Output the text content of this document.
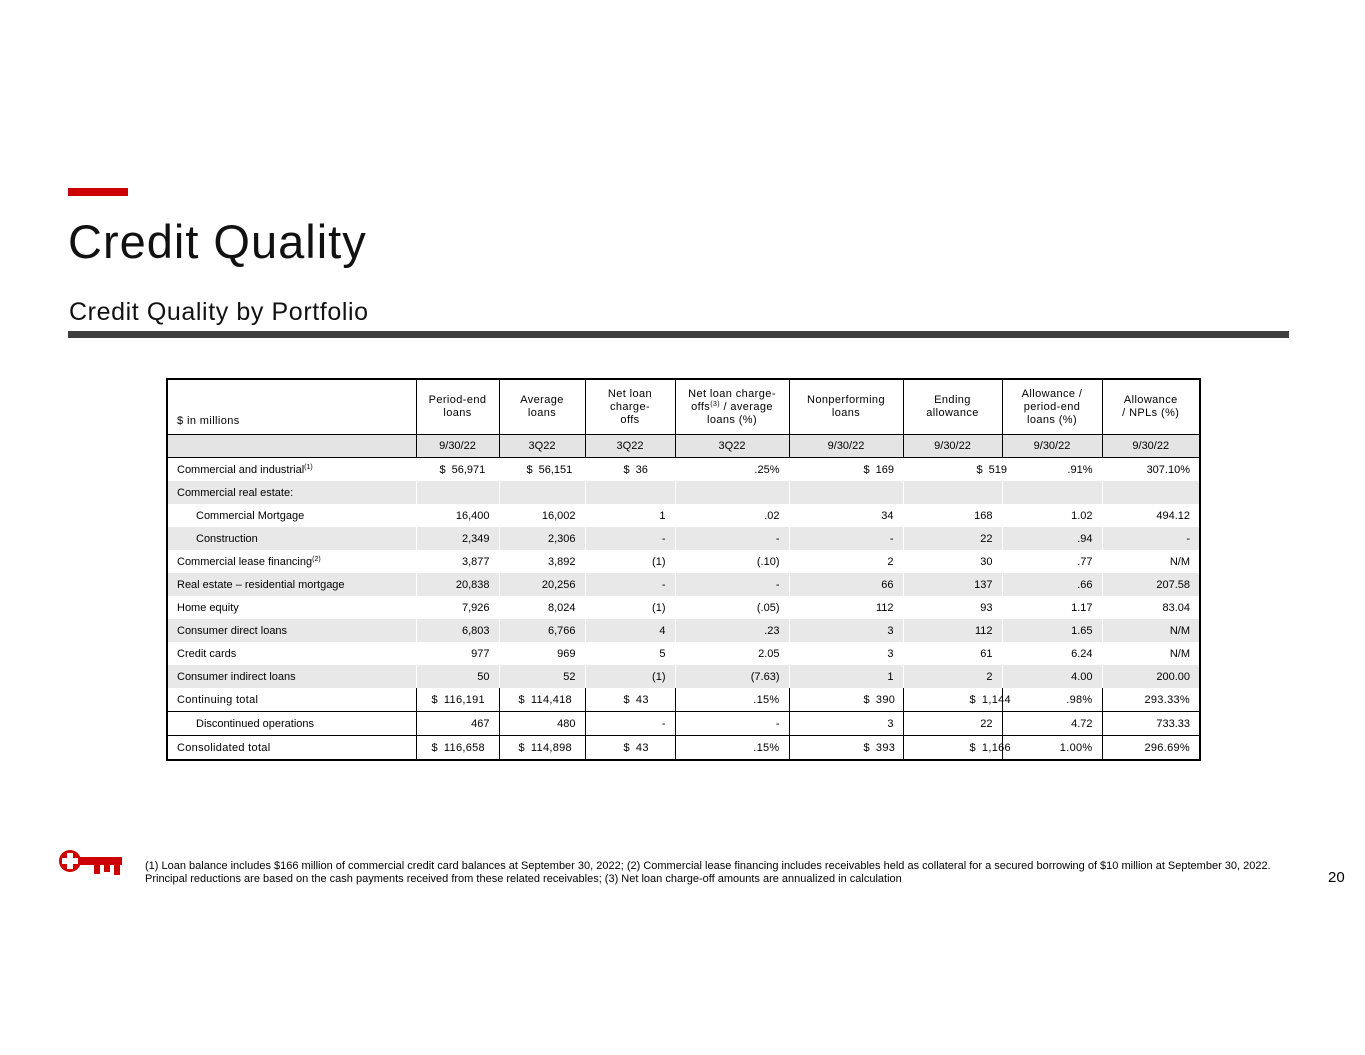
Credit Quality
Credit Quality by Portfolio
$ in millions	Period-end loans	Average loans	Net loan charge-offs	Net loan charge-
offs$^{(3)}$ / average
loans (%)	Nonperforming loans	Ending allowance	Allowance / period-end loans (%)	Allowance / NPLs (%)
	9/30/22	3Q22	3Q22	3Q22	9/30/22	9/30/22	9/30/22	9/30/22
Commercial and industrial$^{(1)}$	$ 56,971	$ 56,151	$ 36	.25%	$ 169	$ 519	.91%	307.10%
Commercial real estate:								
Commercial Mortgage	16,400	16,002	1	.02	34	168	1.02	494.12
Construction	2,349	2,306	-	-	-	22	.94	-
Commercial lease financing$^{(2)}$	3,877	3,892	(1)	(.10)	2	30	.77	N/M
Real estate – residential mortgage	20,838	20,256	-	-	66	137	.66	207.58
Home equity	7,926	8,024	(1)	(.05)	112	93	1.17	83.04
Consumer direct loans	6,803	6,766	4	.23	3	112	1.65	N/M
Credit cards	977	969	5	2.05	3	61	6.24	N/M
Consumer indirect loans	50	52	(1)	(7.63)	1	2	4.00	200.00
Continuing total	$ 116,191	$ 114,418	$ 43	.15%	$ 390	$ 1,144	.98%	293.33%
Discontinued operations	467	480	-	-	3	22	4.72	733.33
Consolidated total	$ 116,658	$ 114,898	$ 43	.15%	$ 393	$ 1,166	1.00%	296.69%
(1) Loan balance includes $166 million of commercial credit card balances at September 30, 2022; (2) Commercial lease financing includes receivables held as collateral for a secured borrowing of $10 million at September 30, 2022. Principal reductions are based on the cash payments received from these related receivables; (3) Net loan charge-off amounts are annualized in calculation	20
